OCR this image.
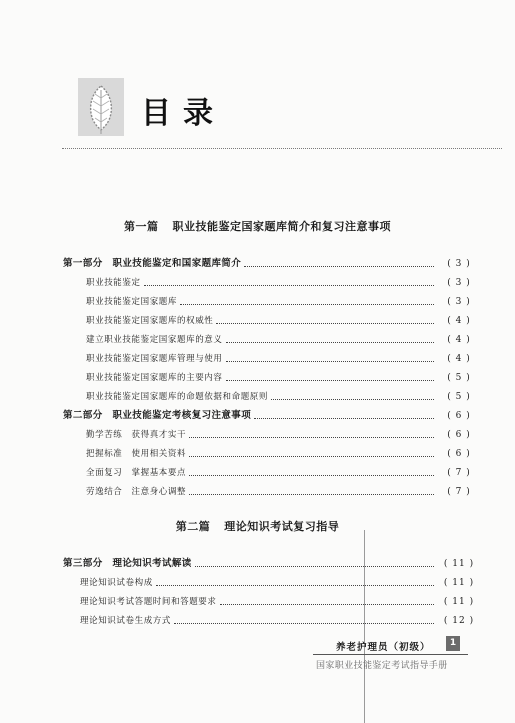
目录
第一篇 职业技能鉴定国家题库简介和复习注意事项
第一部分　职业技能鉴定和国家题库简介	( 3 )
职业技能鉴定	( 3 )
职业技能鉴定国家题库	( 3 )
职业技能鉴定国家题库的权威性	( 4 )
建立职业技能鉴定国家题库的意义	( 4 )
职业技能鉴定国家题库管理与使用	( 4 )
职业技能鉴定国家题库的主要内容	( 5 )
职业技能鉴定国家题库的命题依据和命题原则	( 5 )
第二部分　职业技能鉴定考核复习注意事项	( 6 )
勤学苦练　获得真才实干	( 6 )
把握标准　使用相关资料	( 6 )
全面复习　掌握基本要点	( 7 )
劳逸结合　注意身心调整	( 7 )
第二篇 理论知识考试复习指导
第三部分　理论知识考试解读	( 11 )
理论知识试卷构成	( 11 )
理论知识考试答题时间和答题要求	( 11 )
理论知识试卷生成方式	( 12 )
养老护理员（初级）	1
国家职业技能鉴定考试指导手册
